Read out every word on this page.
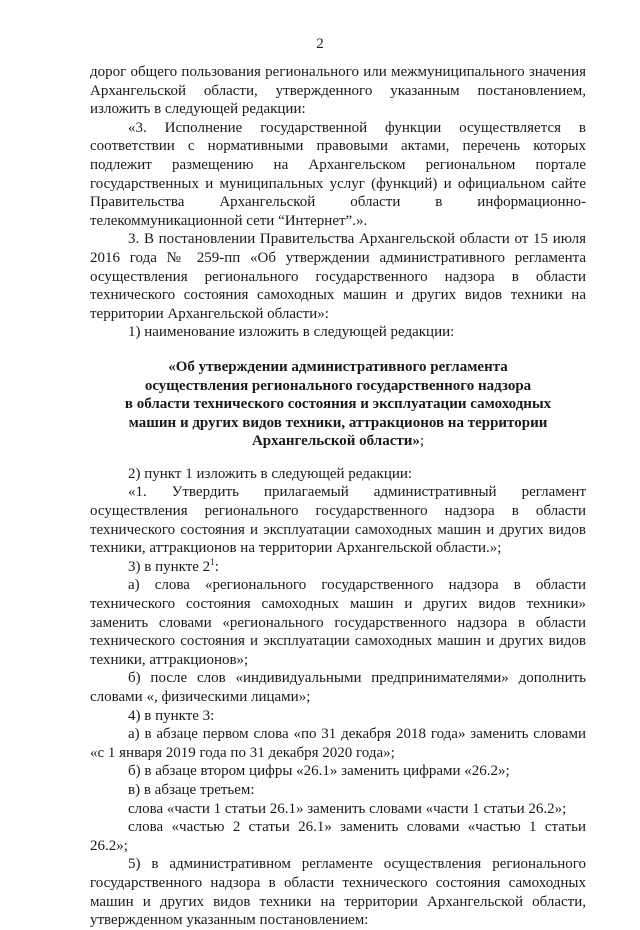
2

дорог общего пользования регионального или межмуниципального значения Архангельской области, утвержденного указанным постановлением, изложить в следующей редакции:

«3. Исполнение государственной функции осуществляется в соответствии с нормативными правовыми актами, перечень которых подлежит размещению на Архангельском региональном портале государственных и муниципальных услуг (функций) и официальном сайте Правительства Архангельской области в информационно-телекоммуникационной сети “Интернет”.».

3. В постановлении Правительства Архангельской области от 15 июля 2016 года № 259-пп «Об утверждении административного регламента осуществления регионального государственного надзора в области технического состояния самоходных машин и других видов техники на территории Архангельской области»:

1) наименование изложить в следующей редакции:

«Об утверждении административного регламента
осуществления регионального государственного надзора
в области технического состояния и эксплуатации самоходных
машин и других видов техники, аттракционов на территории
Архангельской области»;

2) пункт 1 изложить в следующей редакции:

«1. Утвердить прилагаемый административный регламент осуществления регионального государственного надзора в области технического состояния и эксплуатации самоходных машин и других видов техники, аттракционов на территории Архангельской области.»;

3) в пункте $2^1$:

а) слова «регионального государственного надзора в области технического состояния самоходных машин и других видов техники» заменить словами «регионального государственного надзора в области технического состояния и эксплуатации самоходных машин и других видов техники, аттракционов»;

б) после слов «индивидуальными предпринимателями» дополнить словами «, физическими лицами»;

4) в пункте 3:

а) в абзаце первом слова «по 31 декабря 2018 года» заменить словами «с 1 января 2019 года по 31 декабря 2020 года»;

б) в абзаце втором цифры «26.1» заменить цифрами «26.2»;

в) в абзаце третьем:

слова «части 1 статьи 26.1» заменить словами «части 1 статьи 26.2»;

слова «частью 2 статьи 26.1» заменить словами «частью 1 статьи 26.2»;

5) в административном регламенте осуществления регионального государственного надзора в области технического состояния самоходных машин и других видов техники на территории Архангельской области, утвержденном указанным постановлением:
